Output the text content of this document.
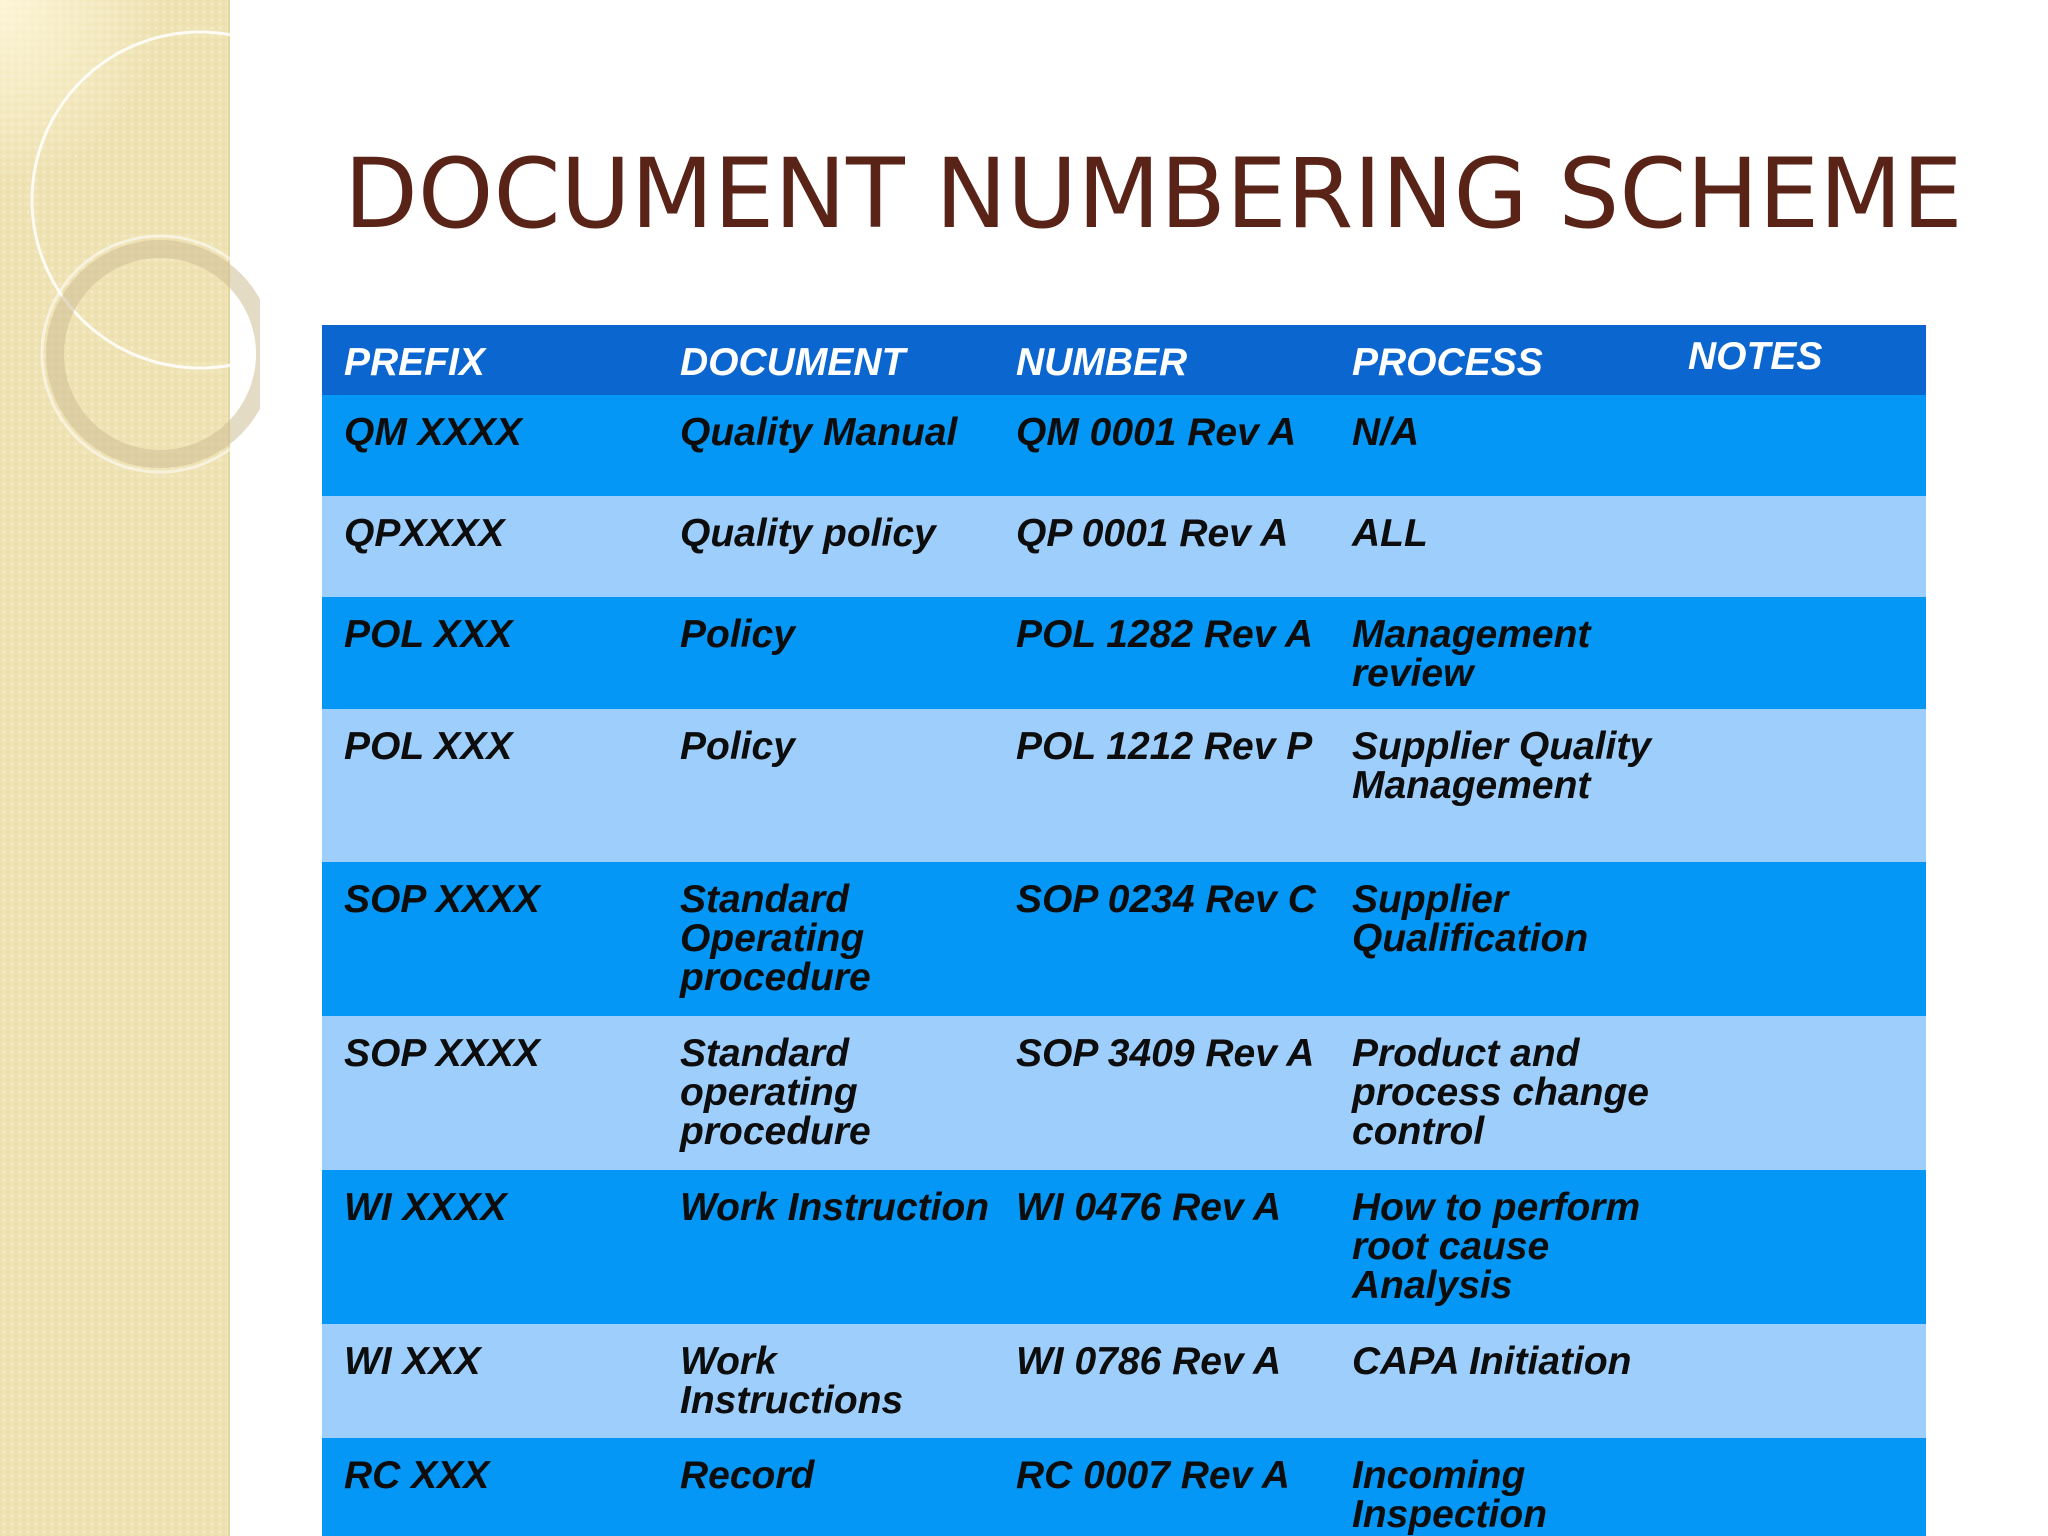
DOCUMENT NUMBERING SCHEME
PREFIX	DOCUMENT	NUMBER	PROCESS	NOTES
QM XXXX	Quality Manual	QM 0001 Rev A	N/A	
QPXXXX	Quality policy	QP 0001 Rev A	ALL	
POL XXX	Policy	POL 1282 Rev A	Management review	
POL XXX	Policy	POL 1212 Rev P	Supplier Quality Management	
SOP XXXX	Standard Operating procedure	SOP 0234 Rev C	Supplier Qualification	
SOP XXXX	Standard operating procedure	SOP 3409 Rev A	Product and process change control	
WI XXXX	Work Instruction	WI 0476 Rev A	How to perform root cause Analysis	
WI XXX	Work Instructions	WI 0786 Rev A	CAPA Initiation	
RC XXX	Record	RC 0007 Rev A	Incoming Inspection	
